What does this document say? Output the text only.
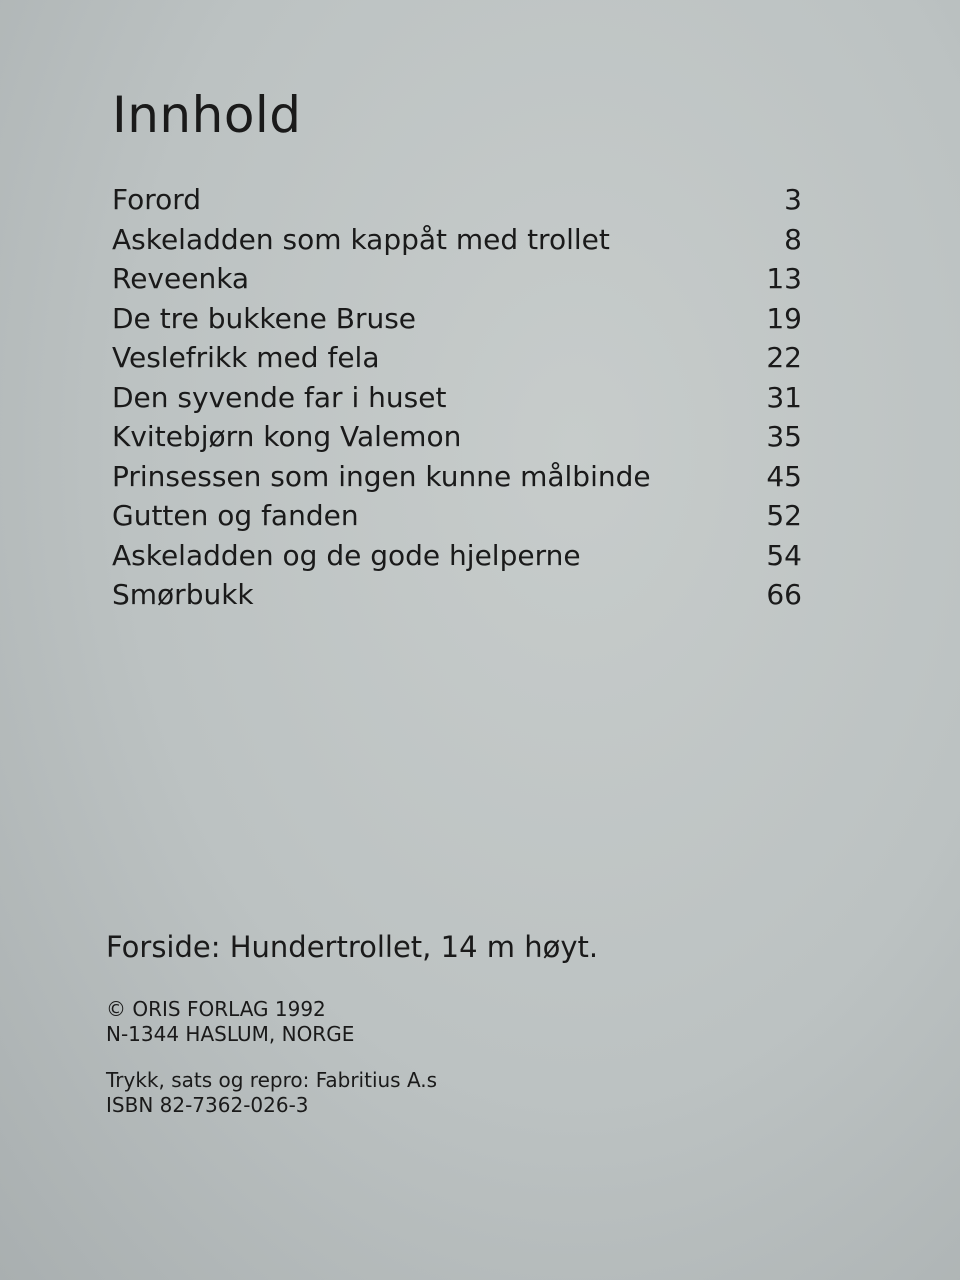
Innhold
Forord	3
Askeladden som kappåt med trollet	8
Reveenka	13
De tre bukkene Bruse	19
Veslefrikk med fela	22
Den syvende far i huset	31
Kvitebjørn kong Valemon	35
Prinsessen som ingen kunne målbinde	45
Gutten og fanden	52
Askeladden og de gode hjelperne	54
Smørbukk	66
Forside: Hundertrollet, 14 m høyt.
© ORIS FORLAG 1992
N-1344 HASLUM, NORGE
Trykk, sats og repro: Fabritius A.s
ISBN 82-7362-026-3
